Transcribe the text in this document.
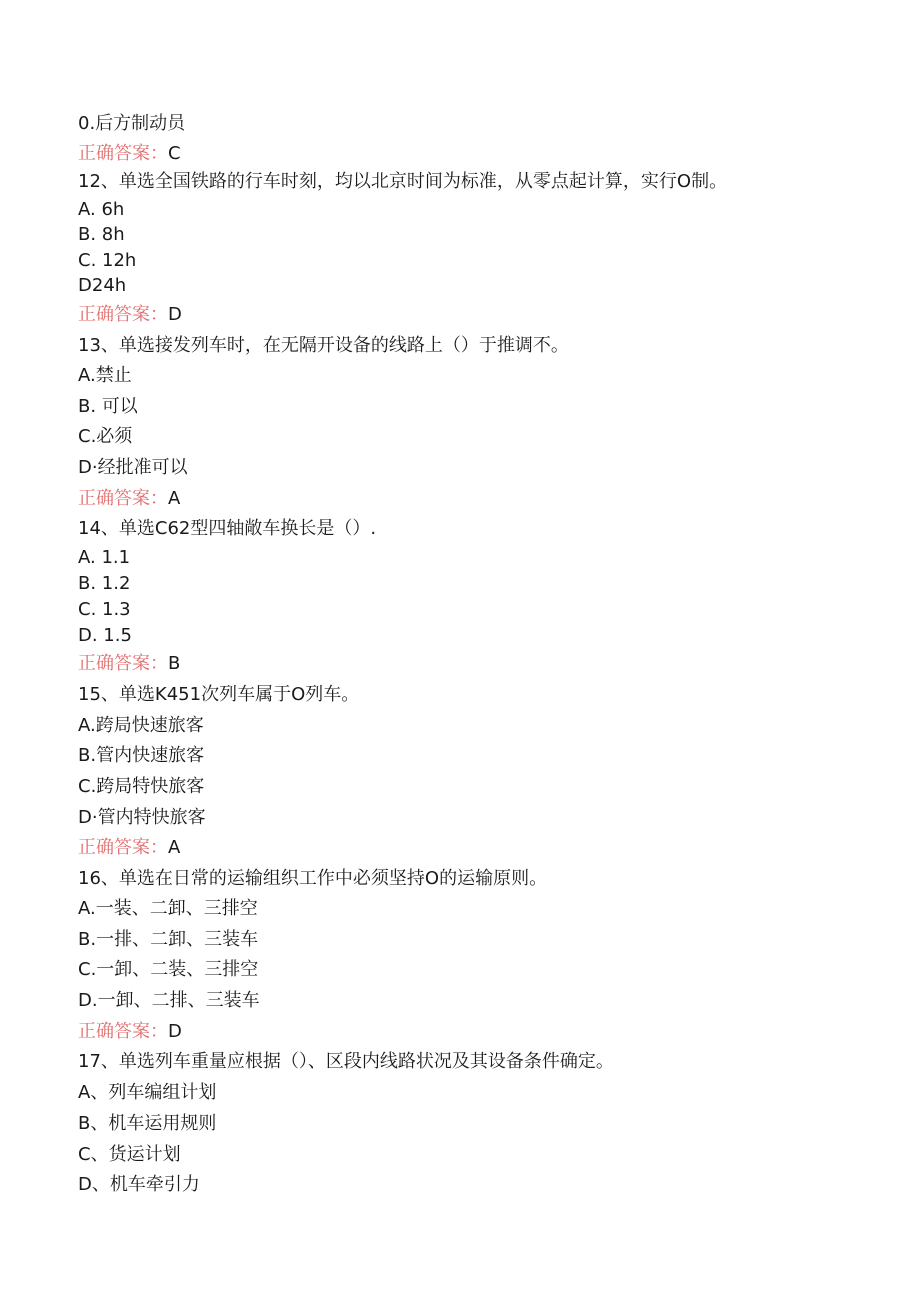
0.后方制动员
正确答案：C
12、单选全国铁路的行车时刻，均以北京时间为标准，从零点起计算，实行O制。
A. 6h
B. 8h
C. 12h
D24h
正确答案：D
13、单选接发列车时，在无隔开设备的线路上（）于推调不。
A.禁止
B. 可以
C.必须
D·经批准可以
正确答案：A
14、单选C62型四轴敞车换长是（）.
A. 1.1
B. 1.2
C. 1.3
D. 1.5
正确答案：B
15、单选K451次列车属于O列车。
A.跨局快速旅客
B.管内快速旅客
C.跨局特快旅客
D·管内特快旅客
正确答案：A
16、单选在日常的运输组织工作中必须坚持O的运输原则。
A.一装、二卸、三排空
B.一排、二卸、三装车
C.一卸、二装、三排空
D.一卸、二排、三装车
正确答案：D
17、单选列车重量应根据（）、区段内线路状况及其设备条件确定。
A、列车编组计划
B、机车运用规则
C、货运计划
D、机车牵引力
